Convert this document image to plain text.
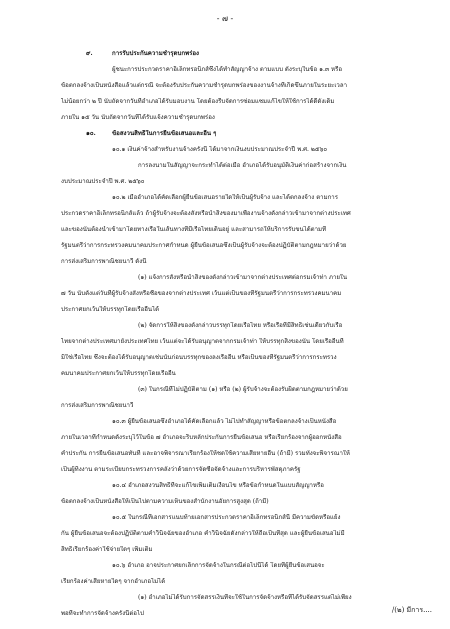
- ๗ -
๙.	การรับประกันความชำรุดบกพร่อง
ผู้ชนะการประกวดราคาอิเล็กทรอนิกส์ซึ่งได้ทำสัญญาจ้าง ตามแบบ ดังระบุในข้อ ๑.๓ หรือ
ข้อตกลงจ้างเป็นหนังสือแล้วแต่กรณี จะต้องรับประกันความชำรุดบกพร่องของงานจ้างที่เกิดขึ้นภายในระยะเวลา
ไม่น้อยกว่า ๒ ปี นับถัดจากวันที่อำเภอได้รับมอบงาน โดยต้องรีบจัดการซ่อมแซมแก้ไขให้ใช้การได้ดีดังเดิม
ภายใน ๑๕ วัน นับถัดจากวันที่ได้รับแจ้งความชำรุดบกพร่อง
๑๐.	ข้อสงวนสิทธิในการยื่นข้อเสนอและอื่น ๆ
๑๐.๑ เงินค่าจ้างสำหรับงานจ้างครั้งนี้ ได้มาจากเงินงบประมาณประจำปี พ.ศ. ๒๕๖๐
การลงนามในสัญญาจะกระทำได้ต่อเมื่อ อำเภอได้รับอนุมัติเงินค่าก่อสร้างจากเงิน
งบประมาณประจำปี พ.ศ. ๒๕๖๐
๑๐.๒ เมื่ออำเภอได้คัดเลือกผู้ยื่นข้อเสนอรายใดให้เป็นผู้รับจ้าง และได้ตกลงจ้าง ตามการ
ประกวดราคาอิเล็กทรอนิกส์แล้ว ถ้าผู้รับจ้างจะต้องสั่งหรือนำสิ่งของมาเพื่องานจ้างดังกล่าวเข้ามาจากต่างประเทศ
และของนั้นต้องนำเข้ามาโดยทางเรือในเส้นทางที่มีเรือไทยเดินอยู่ และสามารถให้บริการรับขนได้ตามที่
รัฐมนตรีว่าการกระทรวงคมนาคมประกาศกำหนด ผู้ยื่นข้อเสนอซึ่งเป็นผู้รับจ้างจะต้องปฏิบัติตามกฎหมายว่าด้วย
การส่งเสริมการพาณิชยนาวี ดังนี้
(๑) แจ้งการสั่งหรือนำสิ่งของดังกล่าวเข้ามาจากต่างประเทศต่อกรมเจ้าท่า ภายใน
๗ วัน นับตั้งแต่วันที่ผู้รับจ้างสั่งหรือซื้อของจากต่างประเทศ เว้นแต่เป็นของที่รัฐมนตรีว่าการกระทรวงคมนาคม
ประกาศยกเว้นให้บรรทุกโดยเรืออื่นได้
(๒) จัดการให้สิ่งของดังกล่าวบรรทุกโดยเรือไทย หรือเรือที่มีสิทธิเช่นเดียวกับเรือ
ไทยจากต่างประเทศมายังประเทศไทย เว้นแต่จะได้รับอนุญาตจากกรมเจ้าท่า ให้บรรทุกสิ่งของนั้น โดยเรืออื่นที่
มิใช่เรือไทย ซึ่งจะต้องได้รับอนุญาตเช่นนั้นก่อนบรรทุกของลงเรืออื่น หรือเป็นของที่รัฐมนตรีว่าการกระทรวง
คมนาคมประกาศยกเว้นให้บรรทุกโดยเรืออื่น
(๓) ในกรณีที่ไม่ปฏิบัติตาม (๑) หรือ (๒) ผู้รับจ้างจะต้องรับผิดตามกฎหมายว่าด้วย
การส่งเสริมการพาณิชยนาวี
๑๐.๓ ผู้ยื่นข้อเสนอซึ่งอำเภอได้คัดเลือกแล้ว ไม่ไปทำสัญญาหรือข้อตกลงจ้างเป็นหนังสือ
ภายในเวลาที่กำหนดดังระบุไว้ในข้อ ๗ อำเภอจะริบหลักประกันการยื่นข้อเสนอ หรือเรียกร้องจากผู้ออกหนังสือ
ค้ำประกัน การยื่นข้อเสนอทันที และอาจพิจารณาเรียกร้องให้ชดใช้ความเสียหายอื่น (ถ้ามี) รวมทั้งจะพิจารณาให้
เป็นผู้ทิ้งงาน ตามระเบียบกระทรวงการคลังว่าด้วยการจัดซื้อจัดจ้างและการบริหารพัสดุภาครัฐ
๑๐.๔ อำเภอสงวนสิทธิ์ที่จะแก้ไขเพิ่มเติมเงื่อนไข หรือข้อกำหนดในแบบสัญญาหรือ
ข้อตกลงจ้างเป็นหนังสือให้เป็นไปตามความเห็นของสำนักงานอัยการสูงสุด (ถ้ามี)
๑๐.๕ ในกรณีที่เอกสารแนบท้ายเอกสารประกวดราคาอิเล็กทรอนิกส์นี้ มีความขัดหรือแย้ง
กัน ผู้ยื่นข้อเสนอจะต้องปฏิบัติตามคำวินิจฉัยของอำเภอ คำวินิจฉัยดังกล่าวให้ถือเป็นที่สุด และผู้ยื่นข้อเสนอไม่มี
สิทธิเรียกร้องค่าใช้จ่ายใดๆ เพิ่มเติม
๑๐.๖ อำเภอ อาจประกาศยกเลิกการจัดจ้างในกรณีต่อไปนี้ได้ โดยที่ผู้ยื่นข้อเสนอจะ
เรียกร้องค่าเสียหายใดๆ จากอำเภอไม่ได้
(๑) อำเภอไม่ได้รับการจัดสรรเงินที่จะใช้ในการจัดจ้างหรือที่ได้รับจัดสรรแต่ไม่เพียง
พอที่จะทำการจัดจ้างครั้งนี้ต่อไป	/(๒) มีการ....
